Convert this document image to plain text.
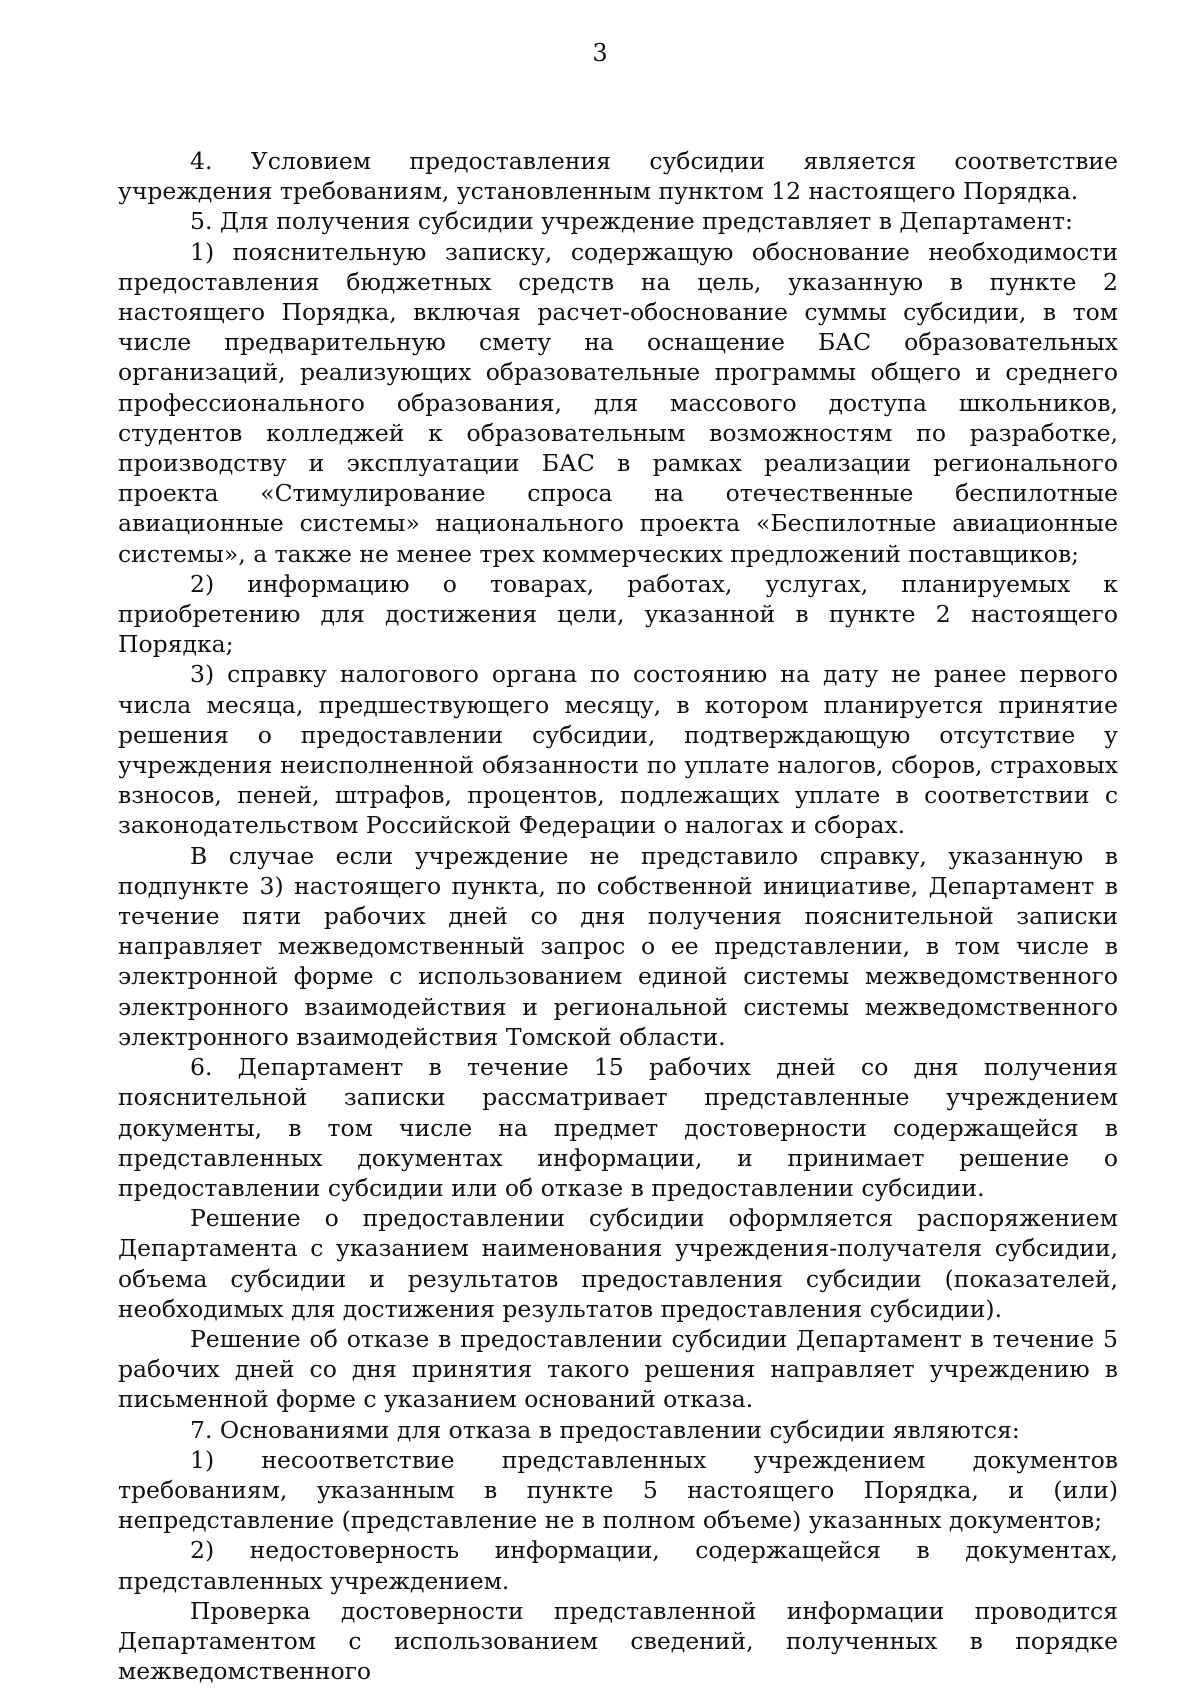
3

4. Условием предоставления субсидии является соответствие учреждения требованиям, установленным пунктом 12 настоящего Порядка.

5. Для получения субсидии учреждение представляет в Департамент:

1) пояснительную записку, содержащую обоснование необходимости предоставления бюджетных средств на цель, указанную в пункте 2 настоящего Порядка, включая расчет-обоснование суммы субсидии, в том числе предварительную смету на оснащение БАС образовательных организаций, реализующих образовательные программы общего и среднего профессионального образования, для массового доступа школьников, студентов колледжей к образовательным возможностям по разработке, производству и эксплуатации БАС в рамках реализации регионального проекта «Стимулирование спроса на отечественные беспилотные авиационные системы» национального проекта «Беспилотные авиационные системы», а также не менее трех коммерческих предложений поставщиков;

2) информацию о товарах, работах, услугах, планируемых к приобретению для достижения цели, указанной в пункте 2 настоящего Порядка;

3) справку налогового органа по состоянию на дату не ранее первого числа месяца, предшествующего месяцу, в котором планируется принятие решения о предоставлении субсидии, подтверждающую отсутствие у учреждения неисполненной обязанности по уплате налогов, сборов, страховых взносов, пеней, штрафов, процентов, подлежащих уплате в соответствии с законодательством Российской Федерации о налогах и сборах.

В случае если учреждение не представило справку, указанную в подпункте 3) настоящего пункта, по собственной инициативе, Департамент в течение пяти рабочих дней со дня получения пояснительной записки направляет межведомственный запрос о ее представлении, в том числе в электронной форме с использованием единой системы межведомственного электронного взаимодействия и региональной системы межведомственного электронного взаимодействия Томской области.

6. Департамент в течение 15 рабочих дней со дня получения пояснительной записки рассматривает представленные учреждением документы, в том числе на предмет достоверности содержащейся в представленных документах информации, и принимает решение о предоставлении субсидии или об отказе в предоставлении субсидии.

Решение о предоставлении субсидии оформляется распоряжением Департамента с указанием наименования учреждения-получателя субсидии, объема субсидии и результатов предоставления субсидии (показателей, необходимых для достижения результатов предоставления субсидии).

Решение об отказе в предоставлении субсидии Департамент в течение 5 рабочих дней со дня принятия такого решения направляет учреждению в письменной форме с указанием оснований отказа.

7. Основаниями для отказа в предоставлении субсидии являются:

1) несоответствие представленных учреждением документов требованиям, указанным в пункте 5 настоящего Порядка, и (или) непредставление (представление не в полном объеме) указанных документов;

2) недостоверность информации, содержащейся в документах, представленных учреждением.

Проверка достоверности представленной информации проводится Департаментом с использованием сведений, полученных в порядке межведомственного
